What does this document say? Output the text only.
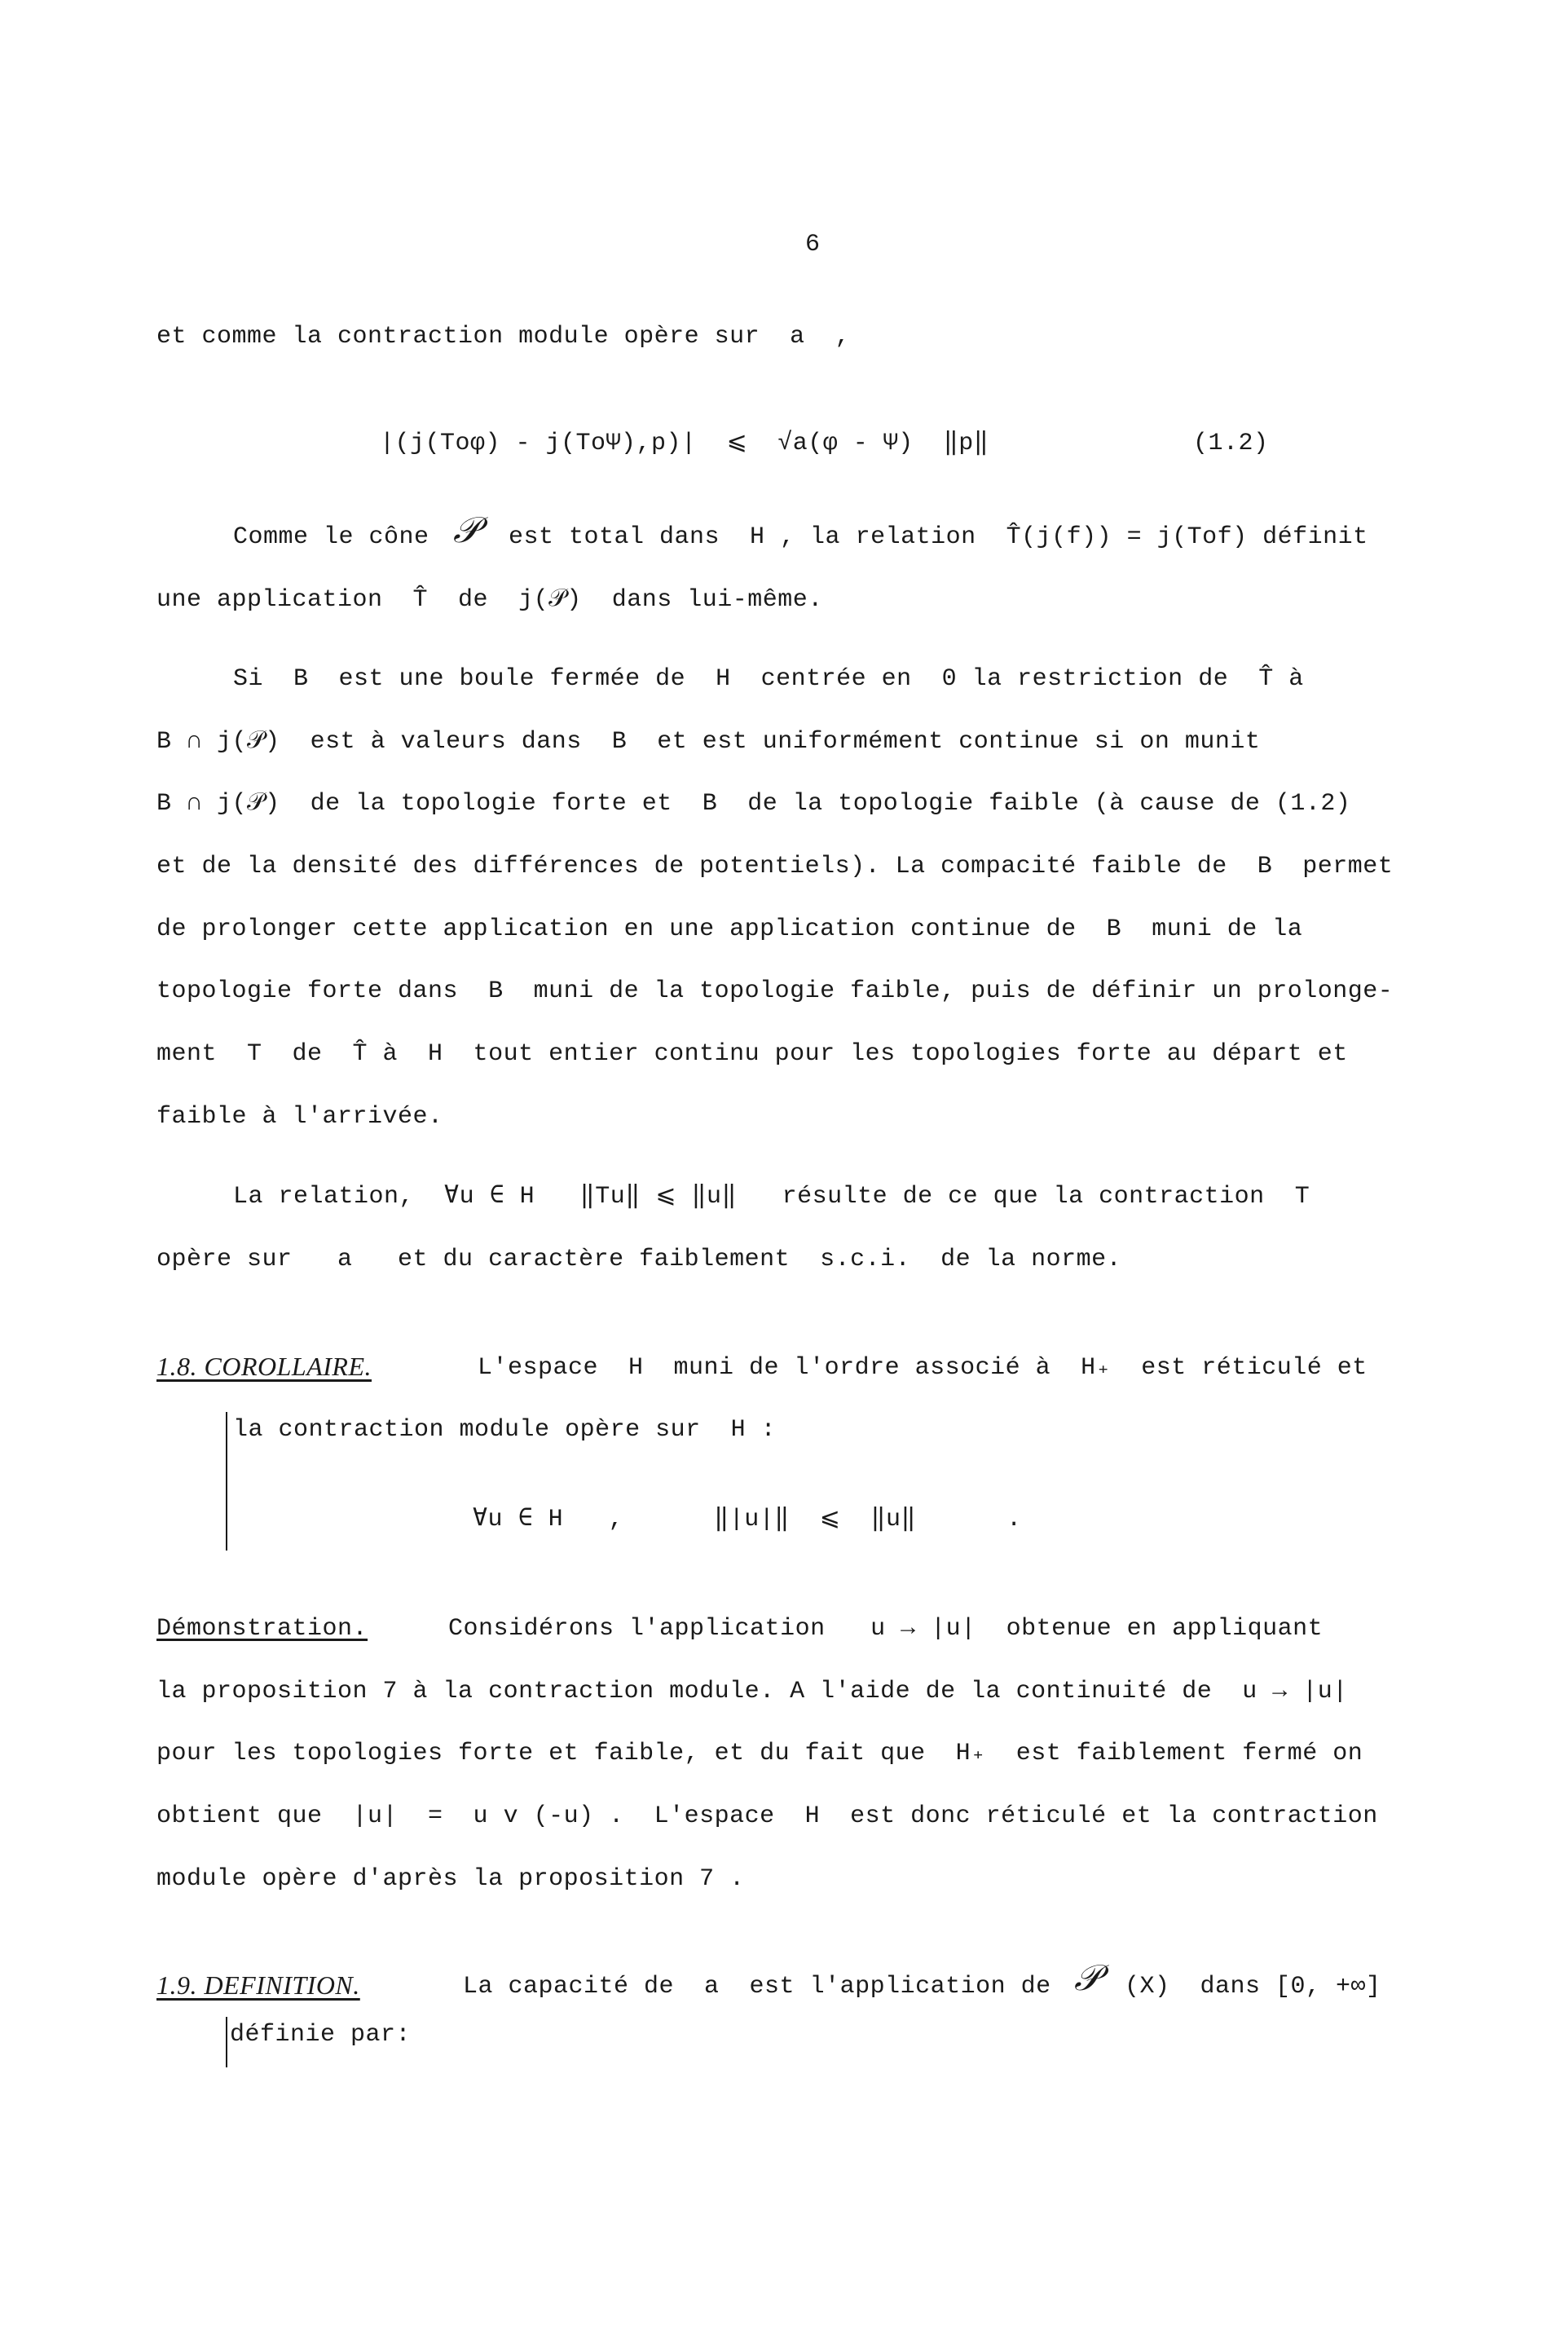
6
et comme la contraction module opère sur  a  ,
|(j(Toφ) - j(ToΨ),p)|  ⩽  √a(φ - Ψ)  ‖p‖	(1.2)
Comme le cône 𝒫 est total dans  H , la relation  T̂(j(f)) = j(Tof) définit
une application  T̂  de  j(𝒫)  dans lui-même.
Si  B  est une boule fermée de  H  centrée en  0 la restriction de  T̂ à
B ∩ j(𝒫)  est à valeurs dans  B  et est uniformément continue si on munit
B ∩ j(𝒫)  de la topologie forte et  B  de la topologie faible (à cause de (1.2)
et de la densité des différences de potentiels). La compacité faible de  B  permet
de prolonger cette application en une application continue de  B  muni de la
topologie forte dans  B  muni de la topologie faible, puis de définir un prolonge-
ment  T  de  T̂ à  H  tout entier continu pour les topologies forte au départ et
faible à l'arrivée.
La relation,  ∀u ∈ H   ‖Tu‖ ⩽ ‖u‖   résulte de ce que la contraction  T
opère sur   a   et du caractère faiblement  s.c.i.  de la norme.
1.8. COROLLAIRE.	L'espace  H  muni de l'ordre associé à  H₊  est réticulé et
la contraction module opère sur  H :
∀u ∈ H   ,      ‖|u|‖  ⩽  ‖u‖      .
Démonstration.	Considérons l'application   u → |u|  obtenue en appliquant
la proposition 7 à la contraction module. A l'aide de la continuité de  u → |u|
pour les topologies forte et faible, et du fait que  H₊  est faiblement fermé on
obtient que  |u|  =  u v (-u) .  L'espace  H  est donc réticulé et la contraction
module opère d'après la proposition 7 .
1.9. DEFINITION.	La capacité de  a  est l'application de 𝒫 (X)  dans [0, +∞]
définie par:
